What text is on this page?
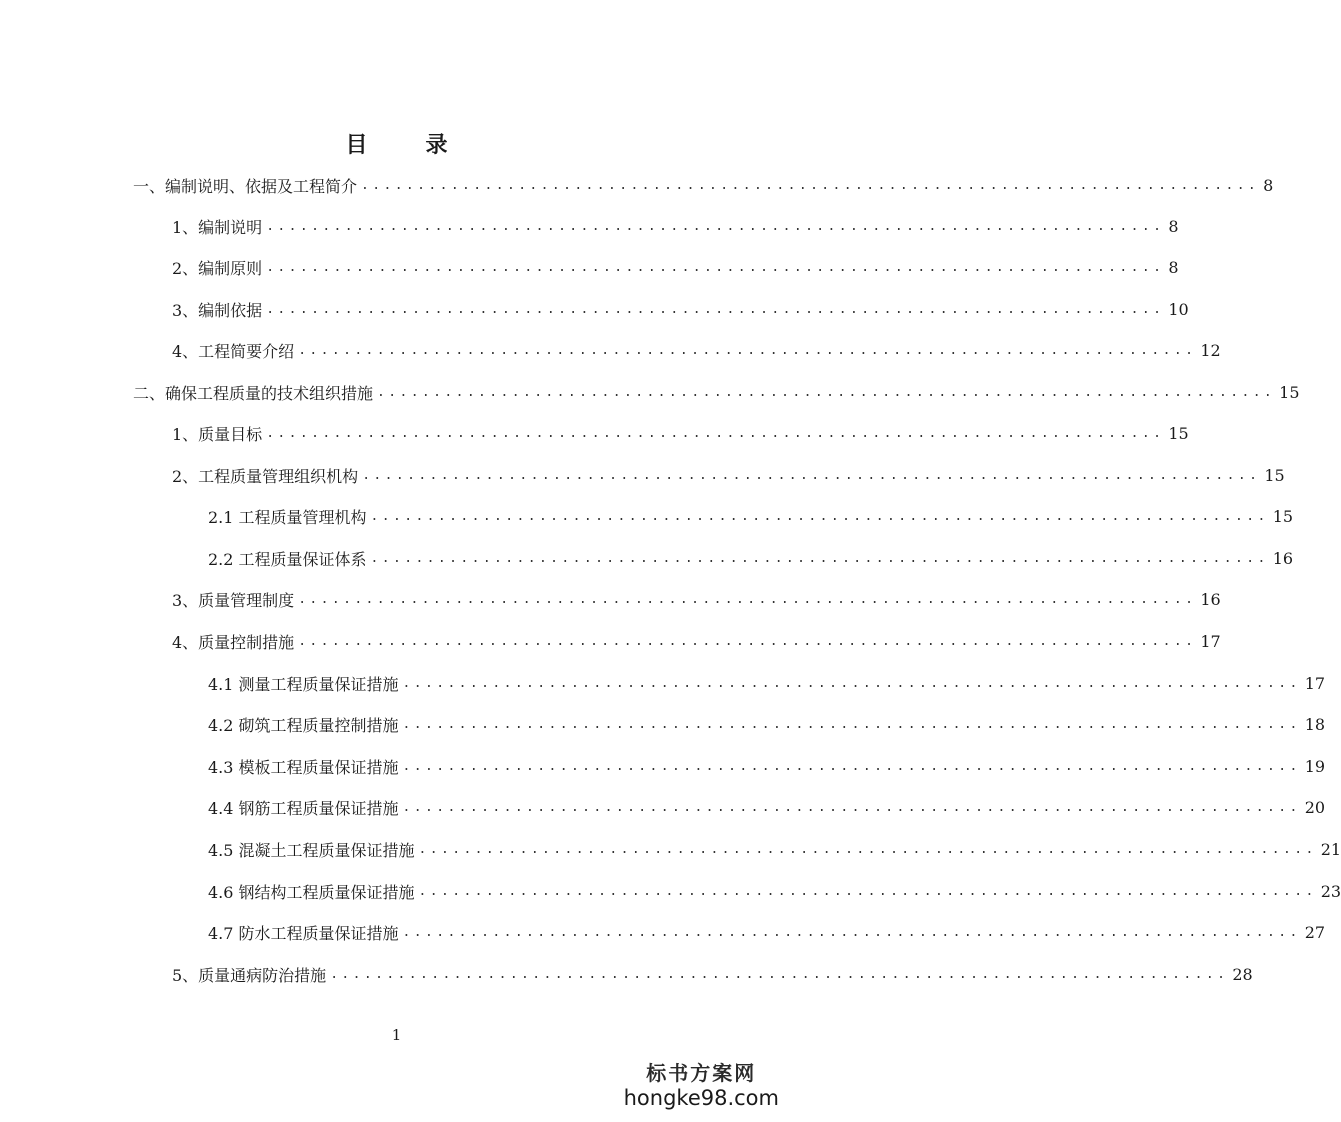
目　录
一、编制说明、依据及工程简介 ................................................................................ 8
1、编制说明 ................................................................................ 8
2、编制原则 ................................................................................ 8
3、编制依据 ................................................................................ 10
4、工程简要介绍 ................................................................................ 12
二、确保工程质量的技术组织措施 ................................................................................ 15
1、质量目标 ................................................................................ 15
2、工程质量管理组织机构 ................................................................................ 15
2.1 工程质量管理机构 ................................................................................ 15
2.2 工程质量保证体系 ................................................................................ 16
3、质量管理制度 ................................................................................ 16
4、质量控制措施 ................................................................................ 17
4.1 测量工程质量保证措施 ................................................................................ 17
4.2 砌筑工程质量控制措施 ................................................................................ 18
4.3 模板工程质量保证措施 ................................................................................ 19
4.4 钢筋工程质量保证措施 ................................................................................ 20
4.5 混凝土工程质量保证措施 ................................................................................ 21
4.6 钢结构工程质量保证措施 ................................................................................ 23
4.7 防水工程质量保证措施 ................................................................................ 27
5、质量通病防治措施 ................................................................................ 28
1
标书方案网
hongke98.com
